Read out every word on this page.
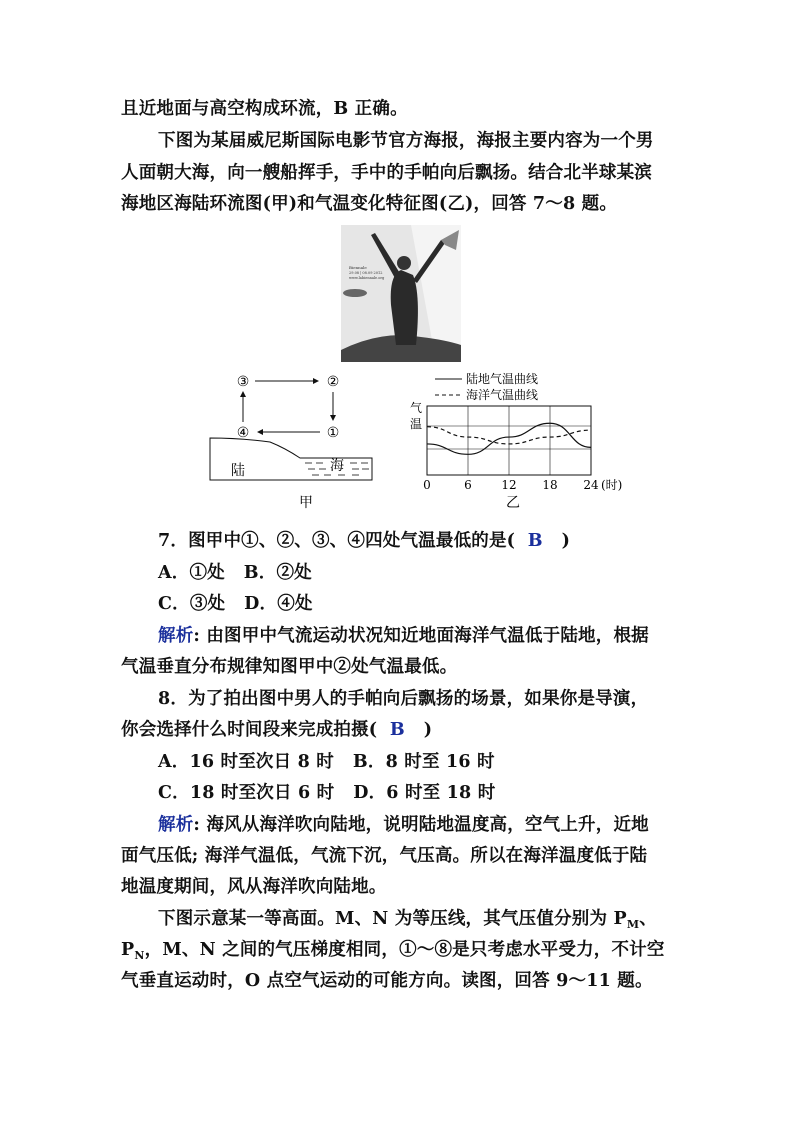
且近地面与高空构成环流，B 正确。
下图为某届威尼斯国际电影节官方海报，海报主要内容为一个男
人面朝大海，向一艘船挥手，手中的手帕向后飘扬。结合北半球某滨
海地区海陆环流图(甲)和气温变化特征图(乙)，回答 7～8 题。
Biennale
29.08 | 08.09 2012
www.labiennale.org
③	②
④	①
陆	海
甲
陆地气温曲线
海洋气温曲线
气
温
0	6 12 18 24 (时)
乙
7．图甲中①、②、③、④四处气温最低的是( B )
A．①处 B．②处
C．③处 D．④处
解析: 由图甲中气流运动状况知近地面海洋气温低于陆地，根据
气温垂直分布规律知图甲中②处气温最低。
8．为了拍出图中男人的手帕向后飘扬的场景，如果你是导演，
你会选择什么时间段来完成拍摄( B )
A．16 时至次日 8 时 B．8 时至 16 时
C．18 时至次日 6 时 D．6 时至 18 时
解析: 海风从海洋吹向陆地，说明陆地温度高，空气上升，近地
面气压低; 海洋气温低，气流下沉，气压高。所以在海洋温度低于陆
地温度期间，风从海洋吹向陆地。
下图示意某一等高面。M、N 为等压线，其气压值分别为 $P_M$、
$P_N$，M、N 之间的气压梯度相同，①～⑧是只考虑水平受力，不计空
气垂直运动时，O 点空气运动的可能方向。读图，回答 9～11 题。
